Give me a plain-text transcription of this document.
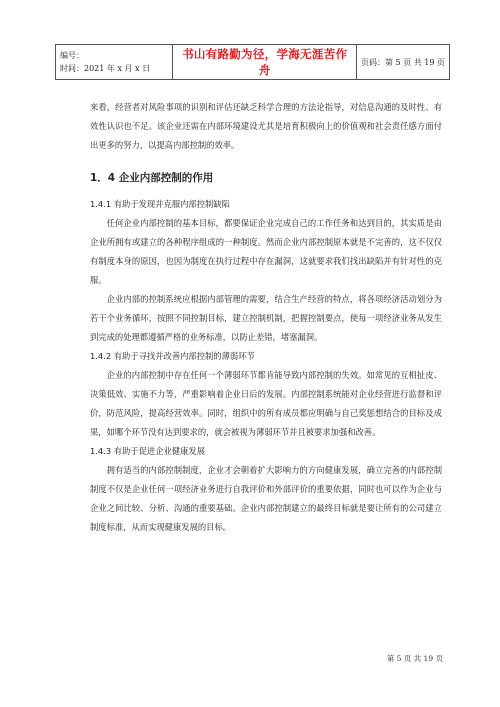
编号：
时间：2021 年 x 月 x 日
	书山有路勤为径，学海无涯苦作舟	页码：第 5 页 共 19 页

来看，经营者对风险事项的识别和评估还缺乏科学合理的方法论指导，对信息沟通的及时性、有效性认识也不足。该企业还需在内部环境建设尤其是培育积极向上的价值观和社会责任感方面付出更多的努力，以提高内部控制的效率。

1．4 企业内部控制的作用
1.4.1 有助于发现并克服内部控制缺陷

任何企业内部控制的基本目标，都要保证企业完成自己的工作任务和达到目的，其实质是由企业所拥有或建立的各种程序组成的一种制度。然而企业内部控制原本就是不完善的，这不仅仅有制度本身的原因，也因为制度在执行过程中存在漏洞，这就要求我们找出缺陷并有针对性的克服。

企业内部的控制系统应根据内部管理的需要，结合生产经营的特点，将各项经济活动划分为若干个业务循环，按照不同控制目标，建立控制机制，把握控制要点，使每一项经济业务从发生到完成的处理都遵循严格的业务标准，以防止差错，堵塞漏洞。

1.4.2 有助于寻找并改善内部控制的薄弱环节

企业的内部控制中存在任何一个薄弱环节都肯能导致内部控制的失效。如常见的互相扯皮、决策低效、实施不力等，严重影响着企业日后的发展。内部控制系统能对企业经营进行监督和评价，防范风险，提高经营效率。同时，组织中的所有成员都应明确与自己奖惩想结合的目标及成果，如哪个环节没有达到要求的，就会被视为薄弱环节并且被要求加强和改善。

1.4.3 有助于促进企业健康发展

拥有适当的内部控制制度，企业才会朝着扩大影响力的方向健康发展，确立完善的内部控制制度不仅是企业任何一项经济业务进行自我评价和外部评价的重要依据，同时也可以作为企业与企业之间比较、分析、沟通的重要基础。企业内部控制建立的最终目标就是要让所有的公司建立制度标准，从而实现健康发展的目标。

第 5 页 共 19 页
